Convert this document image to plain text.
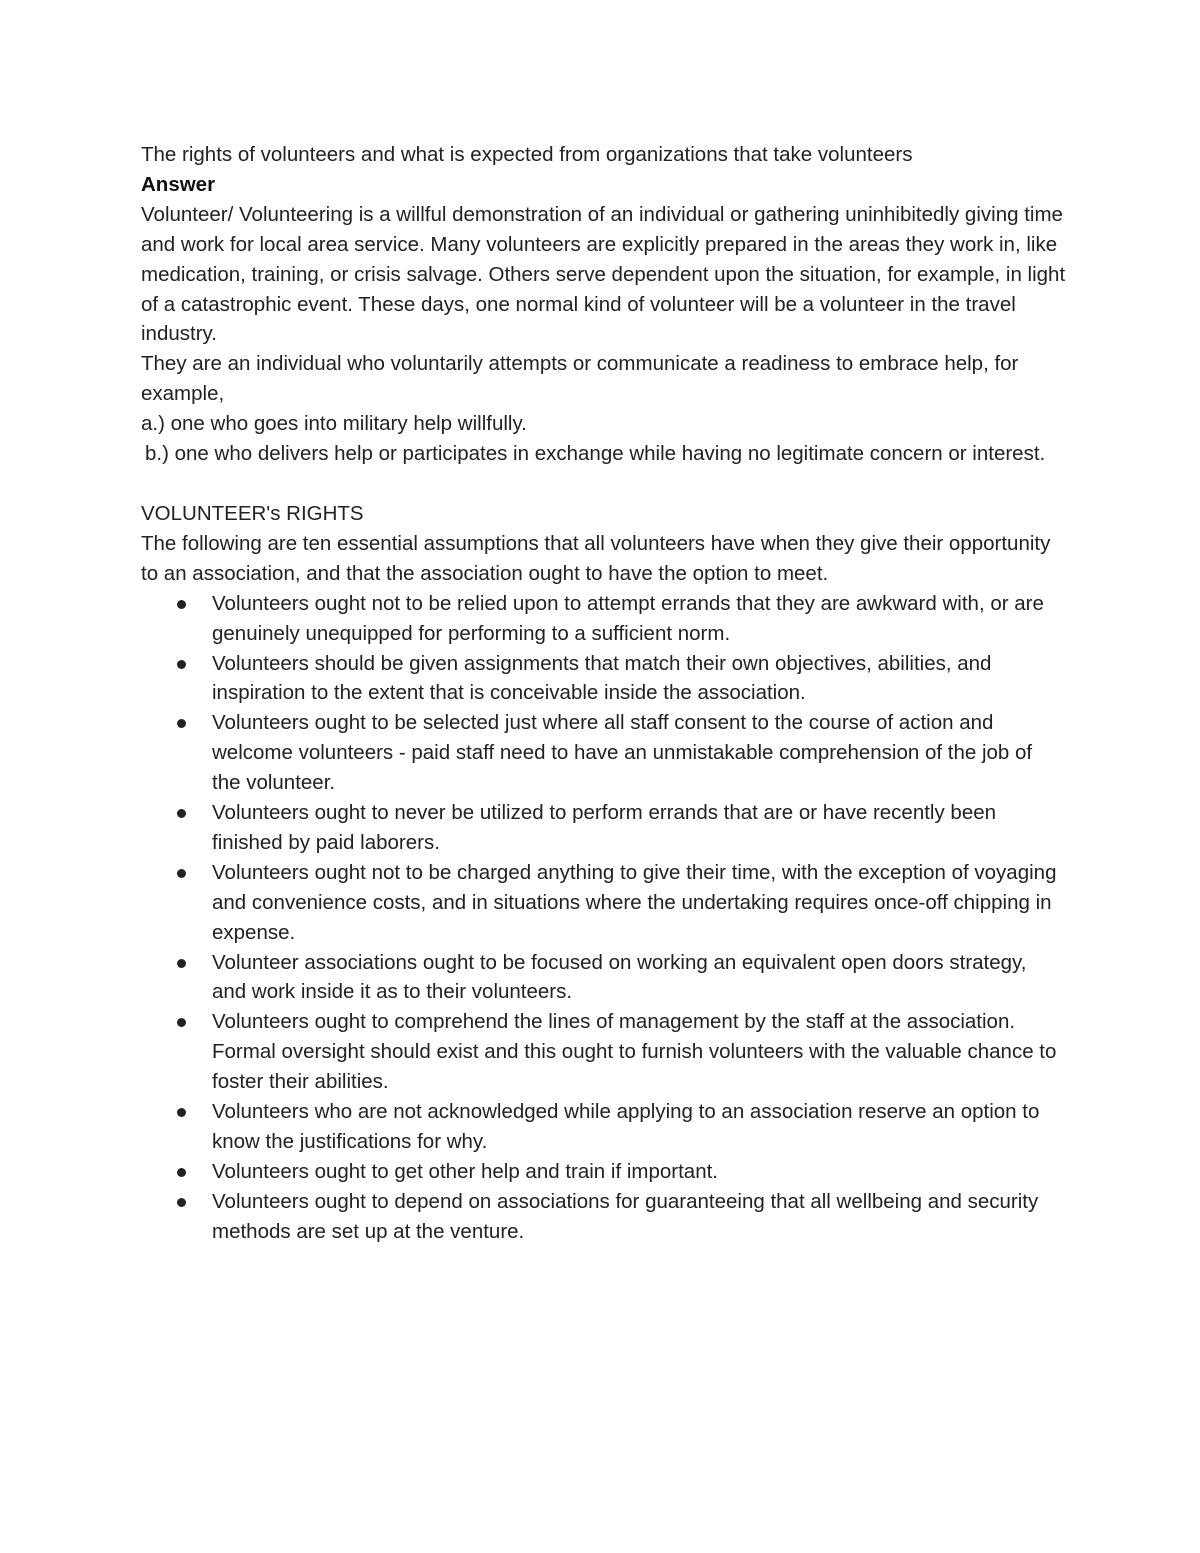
The rights of volunteers and what is expected from organizations that take volunteers

Answer

Volunteer/ Volunteering is a willful demonstration of an individual or gathering uninhibitedly giving time and work for local area service. Many volunteers are explicitly prepared in the areas they work in, like medication, training, or crisis salvage. Others serve dependent upon the situation, for example, in light of a catastrophic event. These days, one normal kind of volunteer will be a volunteer in the travel industry.

They are an individual who voluntarily attempts or communicate a readiness to embrace help, for example,

a.) one who goes into military help willfully.

b.) one who delivers help or participates in exchange while having no legitimate concern or interest.

VOLUNTEER's RIGHTS

The following are ten essential assumptions that all volunteers have when they give their opportunity to an association, and that the association ought to have the option to meet.

Volunteers ought not to be relied upon to attempt errands that they are awkward with, or are genuinely unequipped for performing to a sufficient norm.
Volunteers should be given assignments that match their own objectives, abilities, and inspiration to the extent that is conceivable inside the association.
Volunteers ought to be selected just where all staff consent to the course of action and welcome volunteers - paid staff need to have an unmistakable comprehension of the job of the volunteer.
Volunteers ought to never be utilized to perform errands that are or have recently been finished by paid laborers.
Volunteers ought not to be charged anything to give their time, with the exception of voyaging and convenience costs, and in situations where the undertaking requires once-off chipping in expense.
Volunteer associations ought to be focused on working an equivalent open doors strategy, and work inside it as to their volunteers.
Volunteers ought to comprehend the lines of management by the staff at the association. Formal oversight should exist and this ought to furnish volunteers with the valuable chance to foster their abilities.
Volunteers who are not acknowledged while applying to an association reserve an option to know the justifications for why.
Volunteers ought to get other help and train if important.
Volunteers ought to depend on associations for guaranteeing that all wellbeing and security methods are set up at the venture.
